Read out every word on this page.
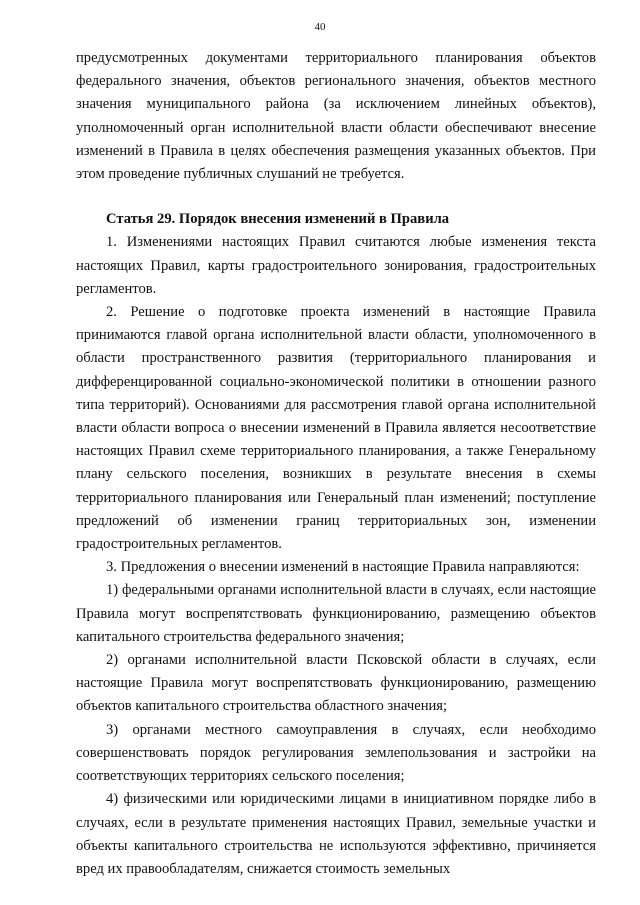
40

предусмотренных документами территориального планирования объектов федерального значения, объектов регионального значения, объектов местного значения муниципального района (за исключением линейных объектов), уполномоченный орган исполнительной власти области обеспечивают внесение изменений в Правила в целях обеспечения размещения указанных объектов. При этом проведение публичных слушаний не требуется.

Статья 29. Порядок внесения изменений в Правила

1. Изменениями настоящих Правил считаются любые изменения текста настоящих Правил, карты градостроительного зонирования, градостроительных регламентов.

2. Решение о подготовке проекта изменений в настоящие Правила принимаются главой органа исполнительной власти области, уполномоченного в области пространственного развития (территориального планирования и дифференцированной социально-экономической политики в отношении разного типа территорий). Основаниями для рассмотрения главой органа исполнительной власти области вопроса о внесении изменений в Правила является несоответствие настоящих Правил схеме территориального планирования, а также Генеральному плану сельского поселения, возникших в результате внесения в схемы территориального планирования или Генеральный план изменений; поступление предложений об изменении границ территориальных зон, изменении градостроительных регламентов.

3. Предложения о внесении изменений в настоящие Правила направляются:

1) федеральными органами исполнительной власти в случаях, если настоящие Правила могут воспрепятствовать функционированию, размещению объектов капитального строительства федерального значения;

2) органами исполнительной власти Псковской области в случаях, если настоящие Правила могут воспрепятствовать функционированию, размещению объектов капитального строительства областного значения;

3) органами местного самоуправления в случаях, если необходимо совершенствовать порядок регулирования землепользования и застройки на соответствующих территориях сельского поселения;

4) физическими или юридическими лицами в инициативном порядке либо в случаях, если в результате применения настоящих Правил, земельные участки и объекты капитального строительства не используются эффективно, причиняется вред их правообладателям, снижается стоимость земельных
